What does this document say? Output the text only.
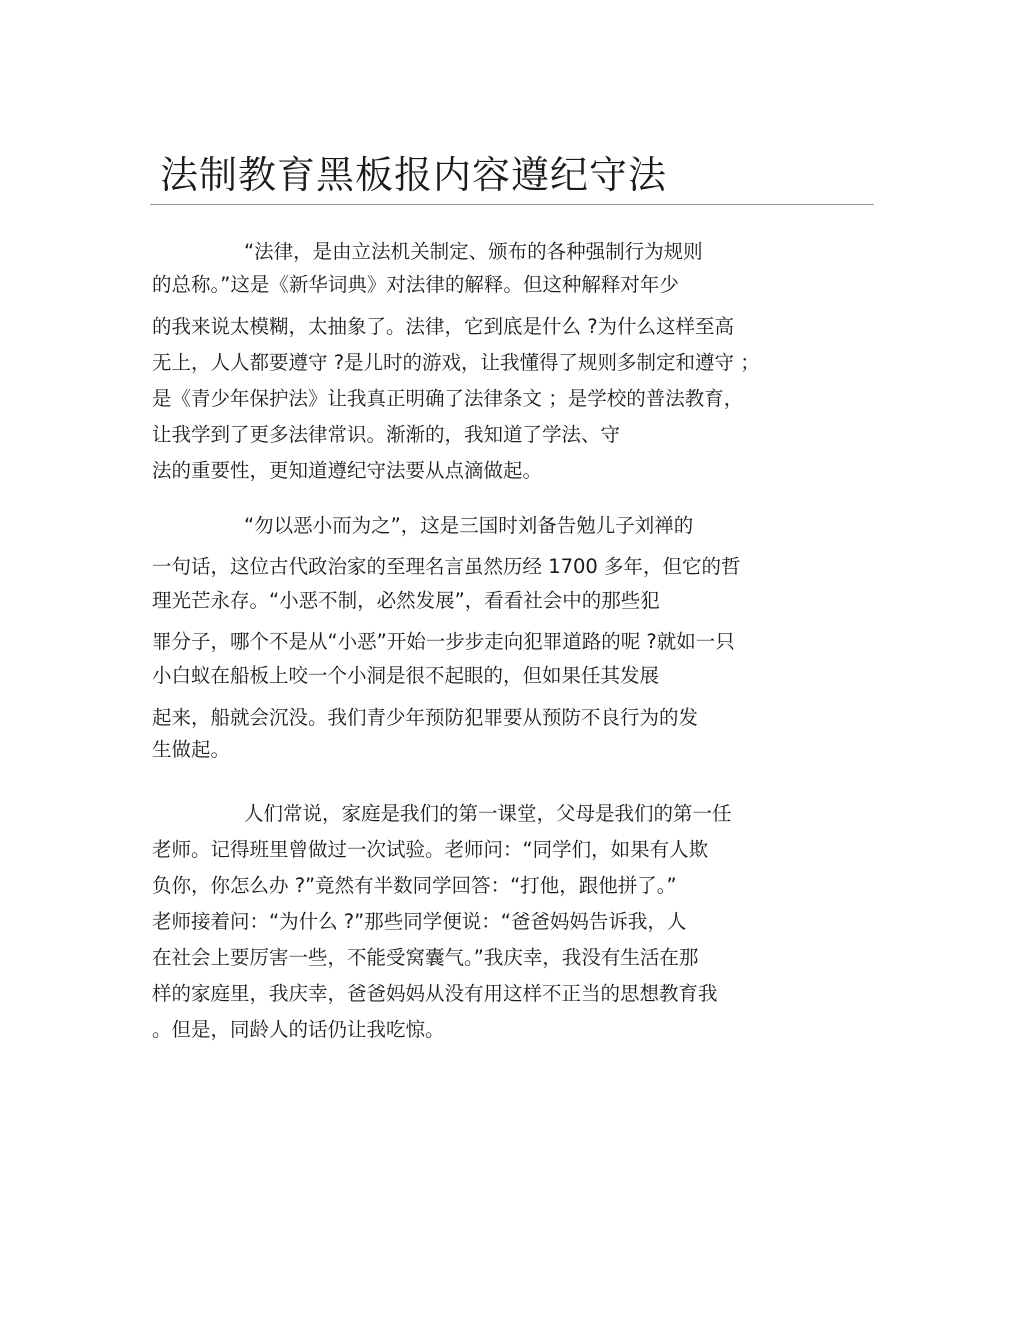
法制教育黑板报内容遵纪守法
“法律，是由立法机关制定、颁布的各种强制行为规则
的总称。”这是《新华词典》对法律的解释。但这种解释对年少
的我来说太模糊，太抽象了。法律，它到底是什么 ?为什么这样至高
无上，人人都要遵守 ?是儿时的游戏，让我懂得了规则多制定和遵守 ；
是《青少年保护法》让我真正明确了法律条文 ；是学校的普法教育，
让我学到了更多法律常识。渐渐的，我知道了学法、守
法的重要性，更知道遵纪守法要从点滴做起。
“勿以恶小而为之”，这是三国时刘备告勉儿子刘禅的
一句话，这位古代政治家的至理名言虽然历经 1700 多年，但它的哲
理光芒永存。“小恶不制，必然发展”，看看社会中的那些犯
罪分子，哪个不是从“小恶”开始一步步走向犯罪道路的呢 ?就如一只
小白蚁在船板上咬一个小洞是很不起眼的，但如果任其发展
起来，船就会沉没。我们青少年预防犯罪要从预防不良行为的发
生做起。
人们常说，家庭是我们的第一课堂，父母是我们的第一任
老师。记得班里曾做过一次试验。老师问：“同学们，如果有人欺
负你，你怎么办 ?”竟然有半数同学回答：“打他，跟他拼了。”
老师接着问：“为什么 ?”那些同学便说：“爸爸妈妈告诉我，人
在社会上要厉害一些，不能受窝囊气。”我庆幸，我没有生活在那
样的家庭里，我庆幸，爸爸妈妈从没有用这样不正当的思想教育我
。但是，同龄人的话仍让我吃惊。
